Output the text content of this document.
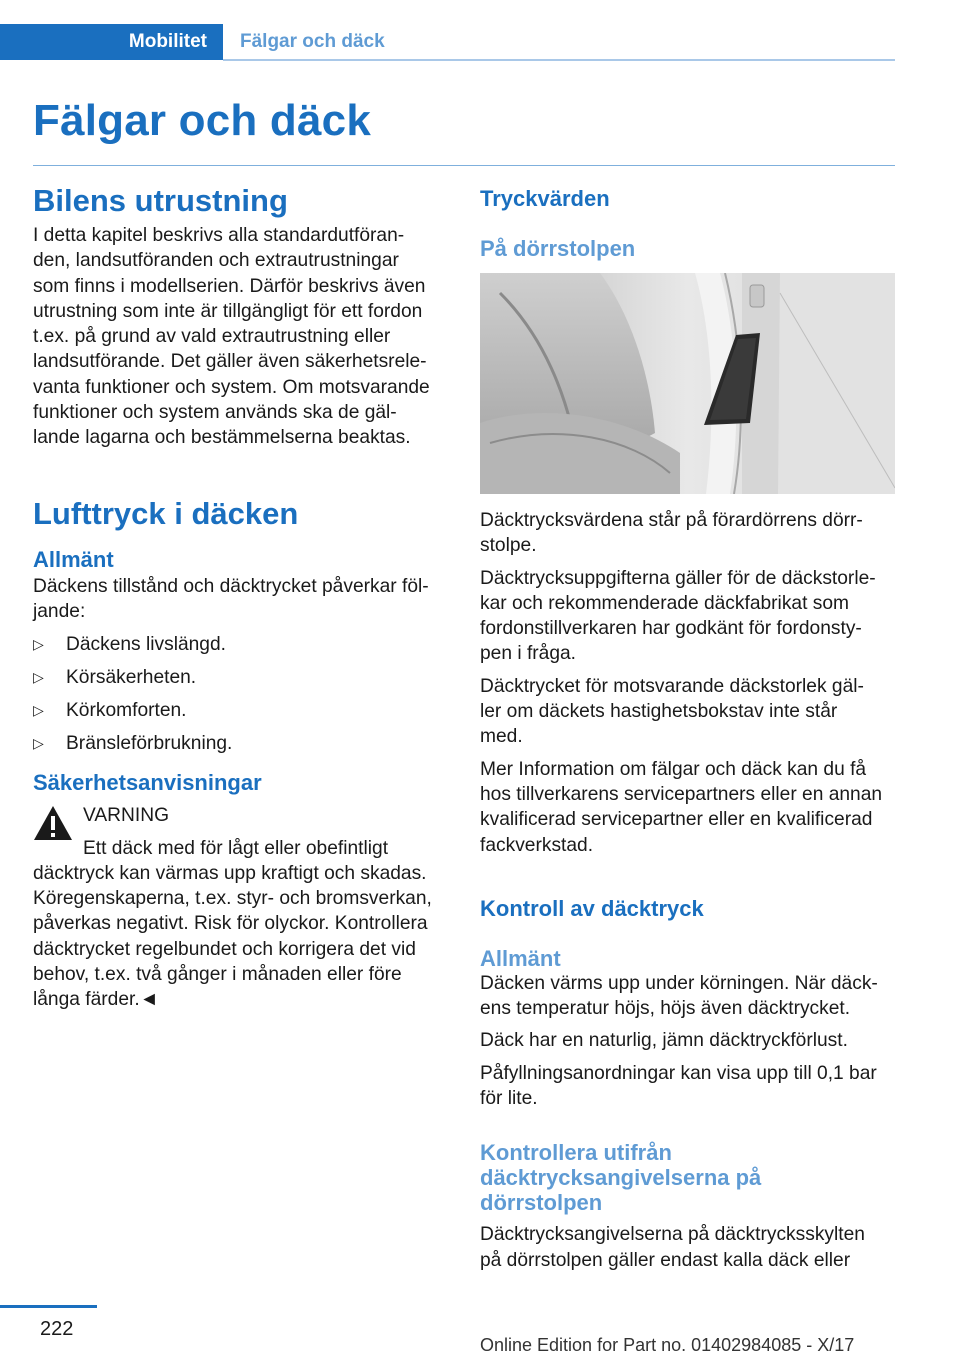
Mobilitet	Fälgar och däck
Fälgar och däck
Bilens utrustning
I detta kapitel beskrivs alla standardutföran-
den, landsutföranden och extrautrustningar
som finns i modellserien. Därför beskrivs även
utrustning som inte är tillgängligt för ett fordon
t.ex. på grund av vald extrautrustning eller
landsutförande. Det gäller även säkerhetsrele-
vanta funktioner och system. Om motsvarande
funktioner och system används ska de gäl-
lande lagarna och bestämmelserna beaktas.
Lufttryck i däcken
Allmänt
Däckens tillstånd och däcktrycket påverkar föl-
jande:
▷ Däckens livslängd.
▷ Körsäkerheten.
▷ Körkomforten.
▷ Bränsleförbrukning.
Säkerhetsanvisningar
VARNING
Ett däck med för lågt eller obefintligt
däcktryck kan värmas upp kraftigt och skadas.
Köregenskaperna, t.ex. styr- och bromsverkan,
påverkas negativt. Risk för olyckor. Kontrollera
däcktrycket regelbundet och korrigera det vid
behov, t.ex. två gånger i månaden eller före
långa färder.◄
Tryckvärden
På dörrstolpen
Däcktrycksvärdena står på förardörrens dörr-
stolpe.
Däcktrycksuppgifterna gäller för de däckstorle-
kar och rekommenderade däckfabrikat som
fordonstillverkaren har godkänt för fordonsty-
pen i fråga.
Däcktrycket för motsvarande däckstorlek gäl-
ler om däckets hastighetsbokstav inte står
med.
Mer Information om fälgar och däck kan du få
hos tillverkarens servicepartners eller en annan
kvalificerad servicepartner eller en kvalificerad
fackverkstad.
Kontroll av däcktryck
Allmänt
Däcken värms upp under körningen. När däck-
ens temperatur höjs, höjs även däcktrycket.
Däck har en naturlig, jämn däcktryckförlust.
Påfyllningsanordningar kan visa upp till 0,1 bar
för lite.
Kontrollera utifrån
däcktrycksangivelserna på
dörrstolpen
Däcktrycksangivelserna på däcktrycksskylten
på dörrstolpen gäller endast kalla däck eller
222
Online Edition for Part no. 01402984085 - X/17
